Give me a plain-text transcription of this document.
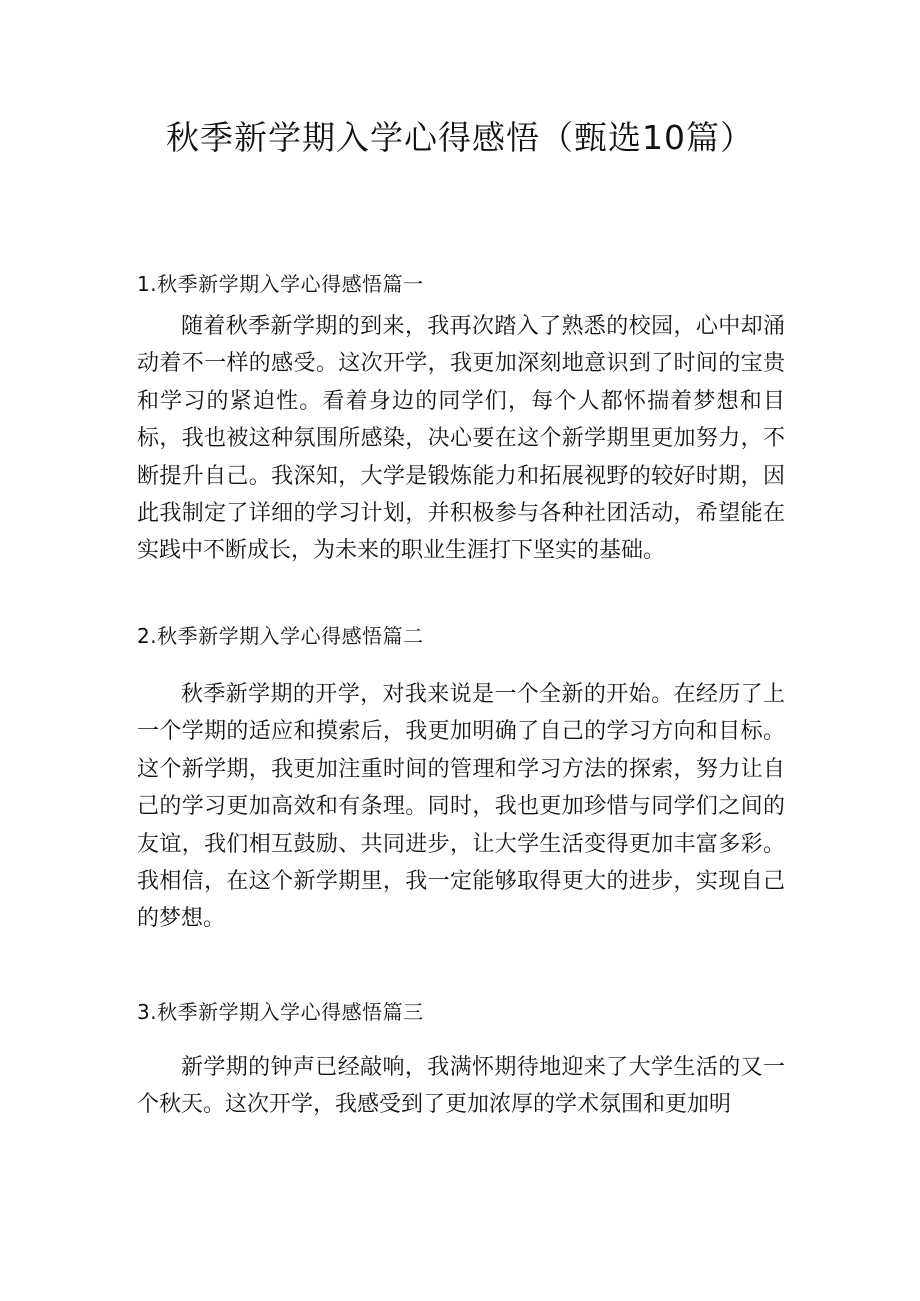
秋季新学期入学心得感悟（甄选10篇）
1.秋季新学期入学心得感悟篇一

随着秋季新学期的到来，我再次踏入了熟悉的校园，心中却涌动着不一样的感受。这次开学，我更加深刻地意识到了时间的宝贵和学习的紧迫性。看着身边的同学们，每个人都怀揣着梦想和目标，我也被这种氛围所感染，决心要在这个新学期里更加努力，不断提升自己。我深知，大学是锻炼能力和拓展视野的较好时期，因此我制定了详细的学习计划，并积极参与各种社团活动，希望能在实践中不断成长，为未来的职业生涯打下坚实的基础。

2.秋季新学期入学心得感悟篇二

秋季新学期的开学，对我来说是一个全新的开始。在经历了上一个学期的适应和摸索后，我更加明确了自己的学习方向和目标。这个新学期，我更加注重时间的管理和学习方法的探索，努力让自己的学习更加高效和有条理。同时，我也更加珍惜与同学们之间的友谊，我们相互鼓励、共同进步，让大学生活变得更加丰富多彩。我相信，在这个新学期里，我一定能够取得更大的进步，实现自己的梦想。

3.秋季新学期入学心得感悟篇三

新学期的钟声已经敲响，我满怀期待地迎来了大学生活的又一个秋天。这次开学，我感受到了更加浓厚的学术氛围和更加明
